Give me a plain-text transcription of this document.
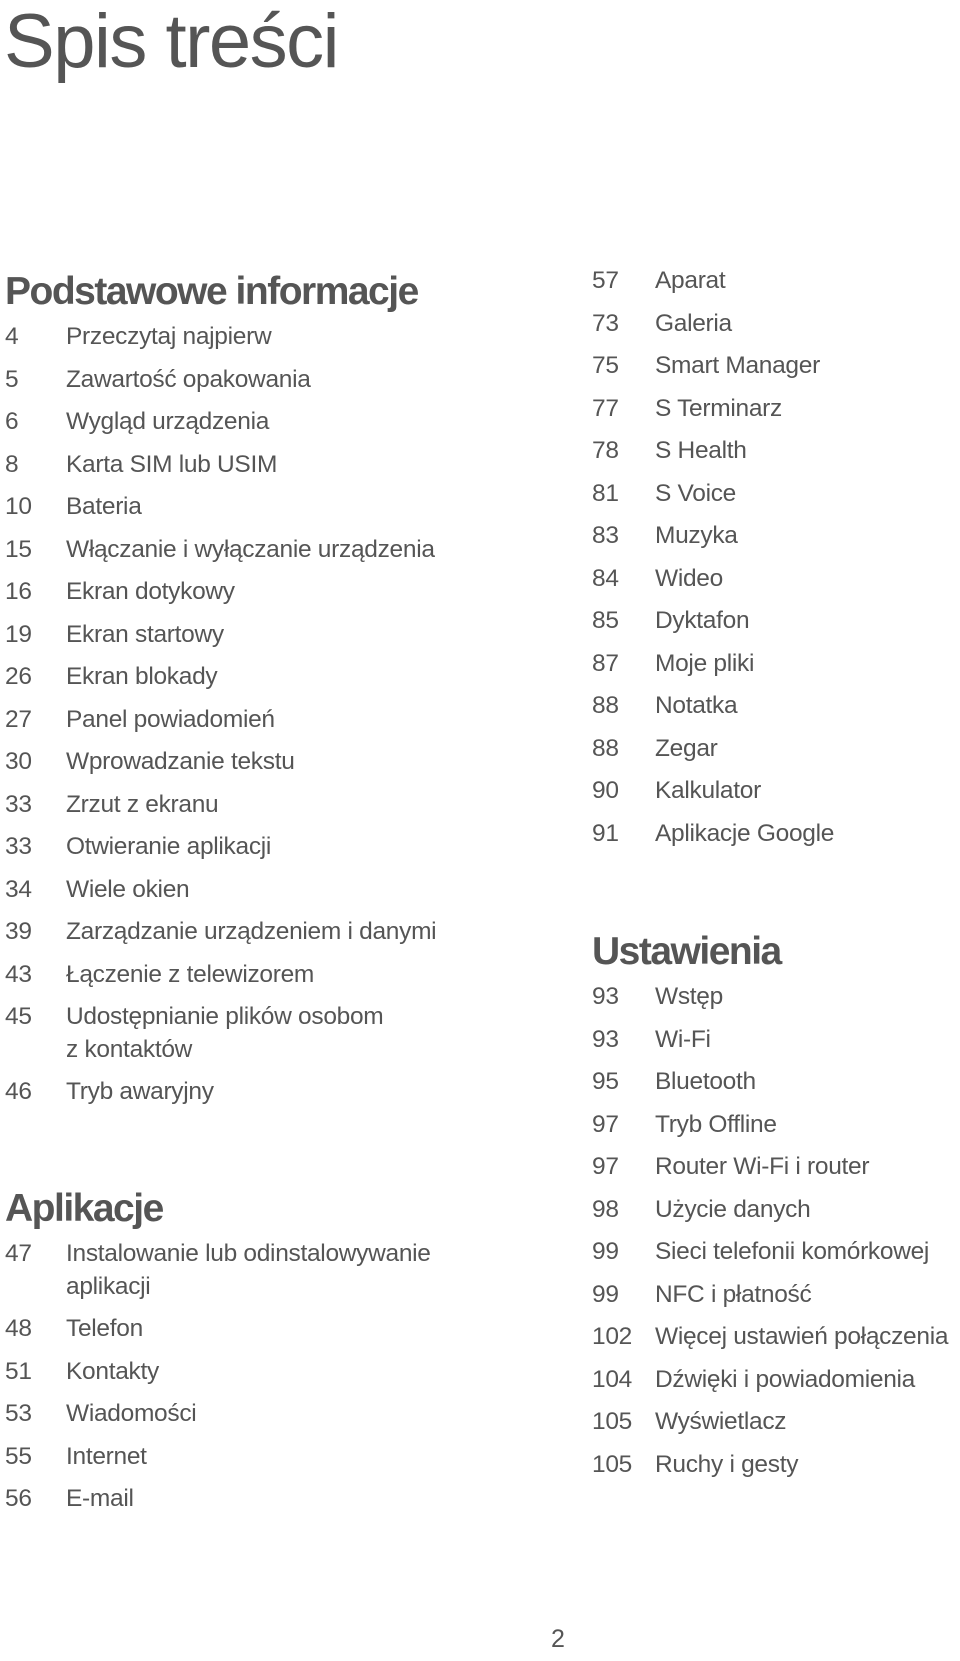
Spis treści
Podstawowe informacje
4	Przeczytaj najpierw
5	Zawartość opakowania
6	Wygląd urządzenia
8	Karta SIM lub USIM
10	Bateria
15	Włączanie i wyłączanie urządzenia
16	Ekran dotykowy
19	Ekran startowy
26	Ekran blokady
27	Panel powiadomień
30	Wprowadzanie tekstu
33	Zrzut z ekranu
33	Otwieranie aplikacji
34	Wiele okien
39	Zarządzanie urządzeniem i danymi
43	Łączenie z telewizorem
45	Udostępnianie plików osobom
z kontaktów
46	Tryb awaryjny
Aplikacje
47	Instalowanie lub odinstalowywanie
aplikacji
48	Telefon
51	Kontakty
53	Wiadomości
55	Internet
56	E-mail
57	Aparat
73	Galeria
75	Smart Manager
77	S Terminarz
78	S Health
81	S Voice
83	Muzyka
84	Wideo
85	Dyktafon
87	Moje pliki
88	Notatka
88	Zegar
90	Kalkulator
91	Aplikacje Google
Ustawienia
93	Wstęp
93	Wi-Fi
95	Bluetooth
97	Tryb Offline
97	Router Wi-Fi i router
98	Użycie danych
99	Sieci telefonii komórkowej
99	NFC i płatność
102 Więcej ustawień połączenia
104 Dźwięki i powiadomienia
105 Wyświetlacz
105 Ruchy i gesty
2
